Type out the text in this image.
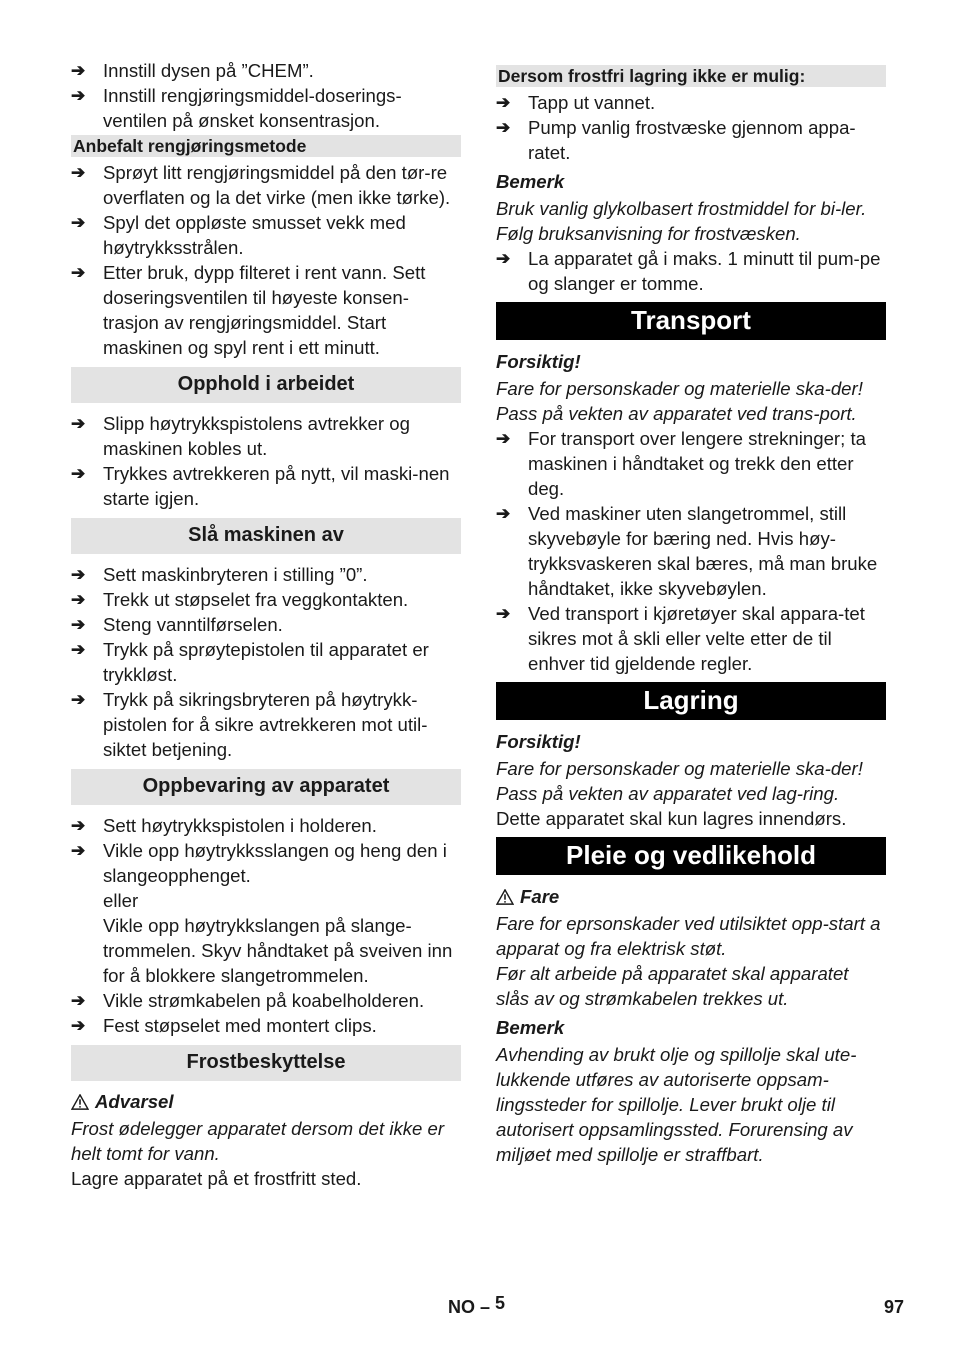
➔ Innstill dysen på ”CHEM”.
➔ Innstill rengjøringsmiddel-doserings-ventilen på ønsket konsentrasjon.
Anbefalt rengjøringsmetode
➔ Sprøyt litt rengjøringsmiddel på den tør-re overflaten og la det virke (men ikke tørke).
➔ Spyl det oppløste smusset vekk med høytrykksstrålen.
➔ Etter bruk, dypp filteret i rent vann. Sett doseringsventilen til høyeste konsen-trasjon av rengjøringsmiddel. Start maskinen og spyl rent i ett minutt.
Opphold i arbeidet
➔ Slipp høytrykkspistolens avtrekker og maskinen kobles ut.
➔ Trykkes avtrekkeren på nytt, vil maski-nen starte igjen.
Slå maskinen av
➔ Sett maskinbryteren i stilling ”0”.
➔ Trekk ut støpselet fra veggkontakten.
➔ Steng vanntilførselen.
➔ Trykk på sprøytepistolen til apparatet er trykkløst.
➔ Trykk på sikringsbryteren på høytrykk-pistolen for å sikre avtrekkeren mot util-siktet betjening.
Oppbevaring av apparatet
➔ Sett høytrykkspistolen i holderen.
➔ Vikle opp høytrykksslangen og heng den i slangeopphenget.
eller
Vikle opp høytrykkslangen på slange-trommelen. Skyv håndtaket på sveiven inn for å blokkere slangetrommelen.
➔ Vikle strømkabelen på koabelholderen.
➔ Fest støpselet med montert clips.
Frostbeskyttelse
Advarsel

Frost ødelegger apparatet dersom det ikke er helt tomt for vann.

Lagre apparatet på et frostfritt sted.

Dersom frostfri lagring ikke er mulig:
➔ Tapp ut vannet.
➔ Pump vanlig frostvæske gjennom appa-ratet.
Bemerk

Bruk vanlig glykolbasert frostmiddel for bi-ler.

Følg bruksanvisning for frostvæsken.

➔ La apparatet gå i maks. 1 minutt til pum-pe og slanger er tomme.
Transport
Forsiktig!

Fare for personskader og materielle ska-der! Pass på vekten av apparatet ved trans-port.

➔ For transport over lengere strekninger; ta maskinen i håndtaket og trekk den etter deg.
➔ Ved maskiner uten slangetrommel, still skyvebøyle for bæring ned. Hvis høy-trykksvaskeren skal bæres, må man bruke håndtaket, ikke skyvebøylen.
➔ Ved transport i kjøretøyer skal appara-tet sikres mot å skli eller velte etter de til enhver tid gjeldende regler.
Lagring
Forsiktig!

Fare for personskader og materielle ska-der! Pass på vekten av apparatet ved lag-ring.

Dette apparatet skal kun lagres innendørs.

Pleie og vedlikehold
Fare

Fare for eprsonskader ved utilsiktet opp-start a apparat og fra elektrisk støt.

Før alt arbeide på apparatet skal apparatet slås av og strømkabelen trekkes ut.

Bemerk

Avhending av brukt olje og spillolje skal ute-lukkende utføres av autoriserte oppsam-lingssteder for spillolje. Lever brukt olje til autorisert oppsamlingssted. Forurensing av miljøet med spillolje er straffbart.

NO – 5	97
